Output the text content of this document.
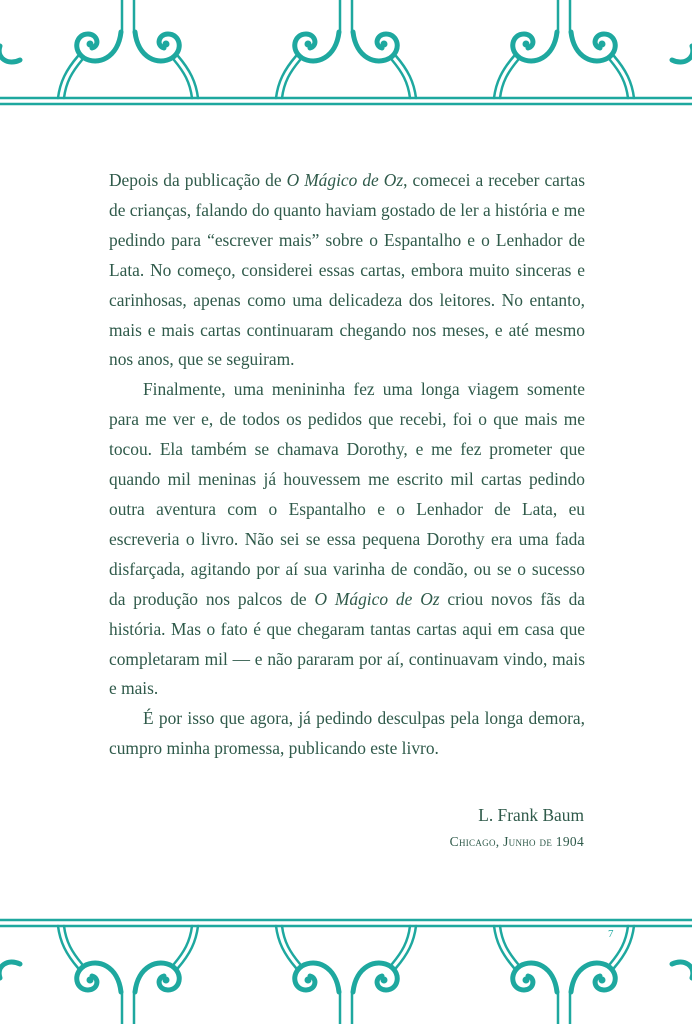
Depois da publicação de O Mágico de Oz, comecei a receber cartas de crianças, falando do quanto haviam gostado de ler a história e me pedindo para “escrever mais” sobre o Espantalho e o Lenhador de Lata. No começo, considerei essas cartas, embora muito sinceras e carinhosas, apenas como uma delicadeza dos leitores. No entanto, mais e mais cartas continuaram chegando nos meses, e até mesmo nos anos, que se seguiram.

Finalmente, uma menininha fez uma longa viagem somente para me ver e, de todos os pedidos que recebi, foi o que mais me tocou. Ela também se chamava Dorothy, e me fez prometer que quando mil meninas já houvessem me escrito mil cartas pedindo outra aventura com o Espantalho e o Lenhador de Lata, eu escreveria o livro. Não sei se essa pequena Dorothy era uma fada disfarçada, agitando por aí sua varinha de condão, ou se o sucesso da produção nos palcos de O Mágico de Oz criou novos fãs da história. Mas o fato é que chegaram tantas cartas aqui em casa que completaram mil — e não pararam por aí, continuavam vindo, mais e mais.

É por isso que agora, já pedindo desculpas pela longa demora, cumpro minha promessa, publicando este livro.

L. Frank Baum
Chicago, Junho de 1904
7
